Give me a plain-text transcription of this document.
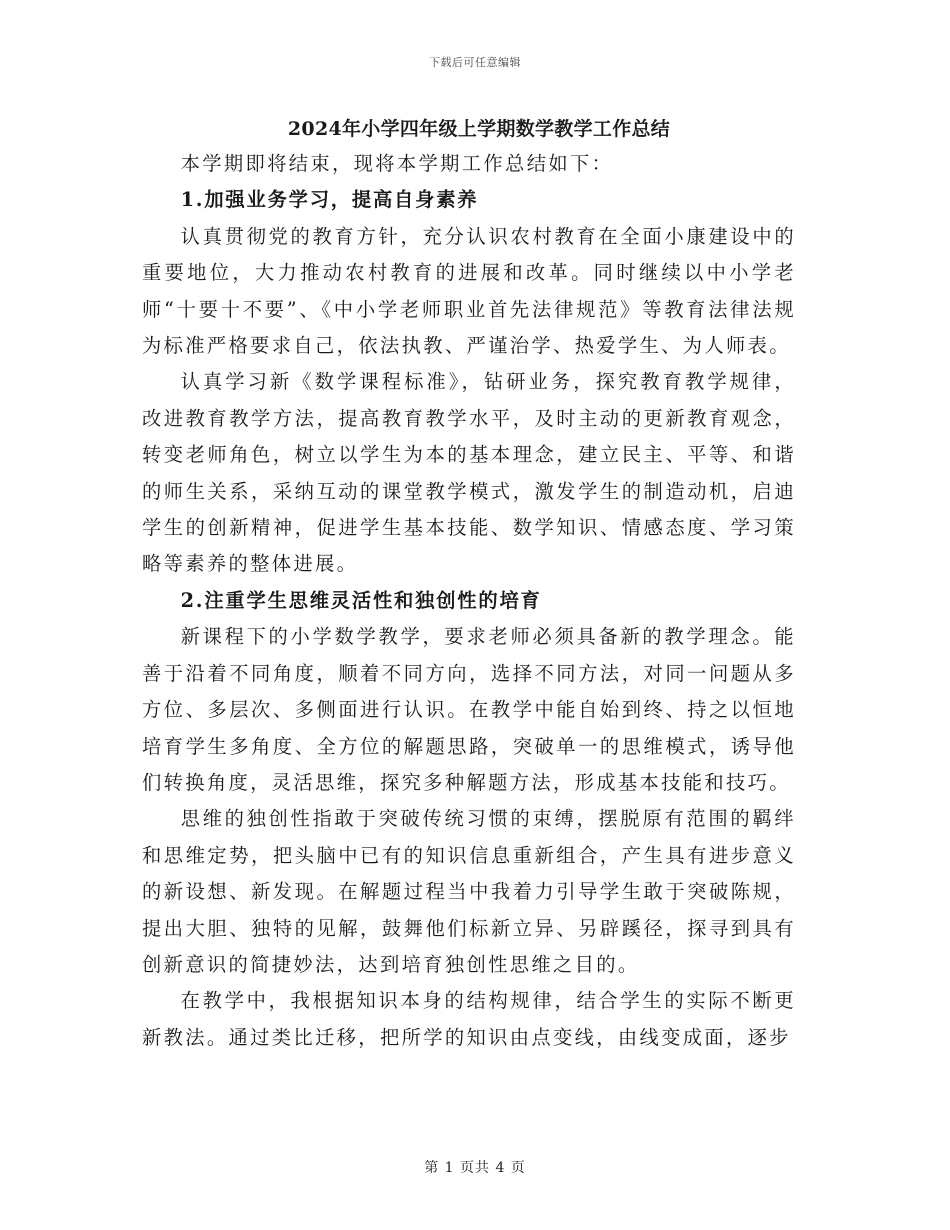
下载后可任意编辑
2024年小学四年级上学期数学教学工作总结

本学期即将结束，现将本学期工作总结如下：

1.加强业务学习，提高自身素养

认真贯彻党的教育方针，充分认识农村教育在全面小康建设中的重要地位，大力推动农村教育的进展和改革。同时继续以中小学老师“十要十不要”、《中小学老师职业首先法律规范》等教育法律法规为标准严格要求自己，依法执教、严谨治学、热爱学生、为人师表。

认真学习新《数学课程标准》，钻研业务，探究教育教学规律，改进教育教学方法，提高教育教学水平，及时主动的更新教育观念，转变老师角色，树立以学生为本的基本理念，建立民主、平等、和谐的师生关系，采纳互动的课堂教学模式，激发学生的制造动机，启迪学生的创新精神，促进学生基本技能、数学知识、情感态度、学习策略等素养的整体进展。

2.注重学生思维灵活性和独创性的培育

新课程下的小学数学教学，要求老师必须具备新的教学理念。能善于沿着不同角度，顺着不同方向，选择不同方法，对同一问题从多方位、多层次、多侧面进行认识。在教学中能自始到终、持之以恒地培育学生多角度、全方位的解题思路，突破单一的思维模式，诱导他们转换角度，灵活思维，探究多种解题方法，形成基本技能和技巧。

思维的独创性指敢于突破传统习惯的束缚，摆脱原有范围的羁绊和思维定势，把头脑中已有的知识信息重新组合，产生具有进步意义的新设想、新发现。在解题过程当中我着力引导学生敢于突破陈规，提出大胆、独特的见解，鼓舞他们标新立异、另辟蹊径，探寻到具有创新意识的简捷妙法，达到培育独创性思维之目的。

在教学中，我根据知识本身的结构规律，结合学生的实际不断更新教法。通过类比迁移，把所学的知识由点变线，由线变成面，逐步

第 1 页共 4 页
